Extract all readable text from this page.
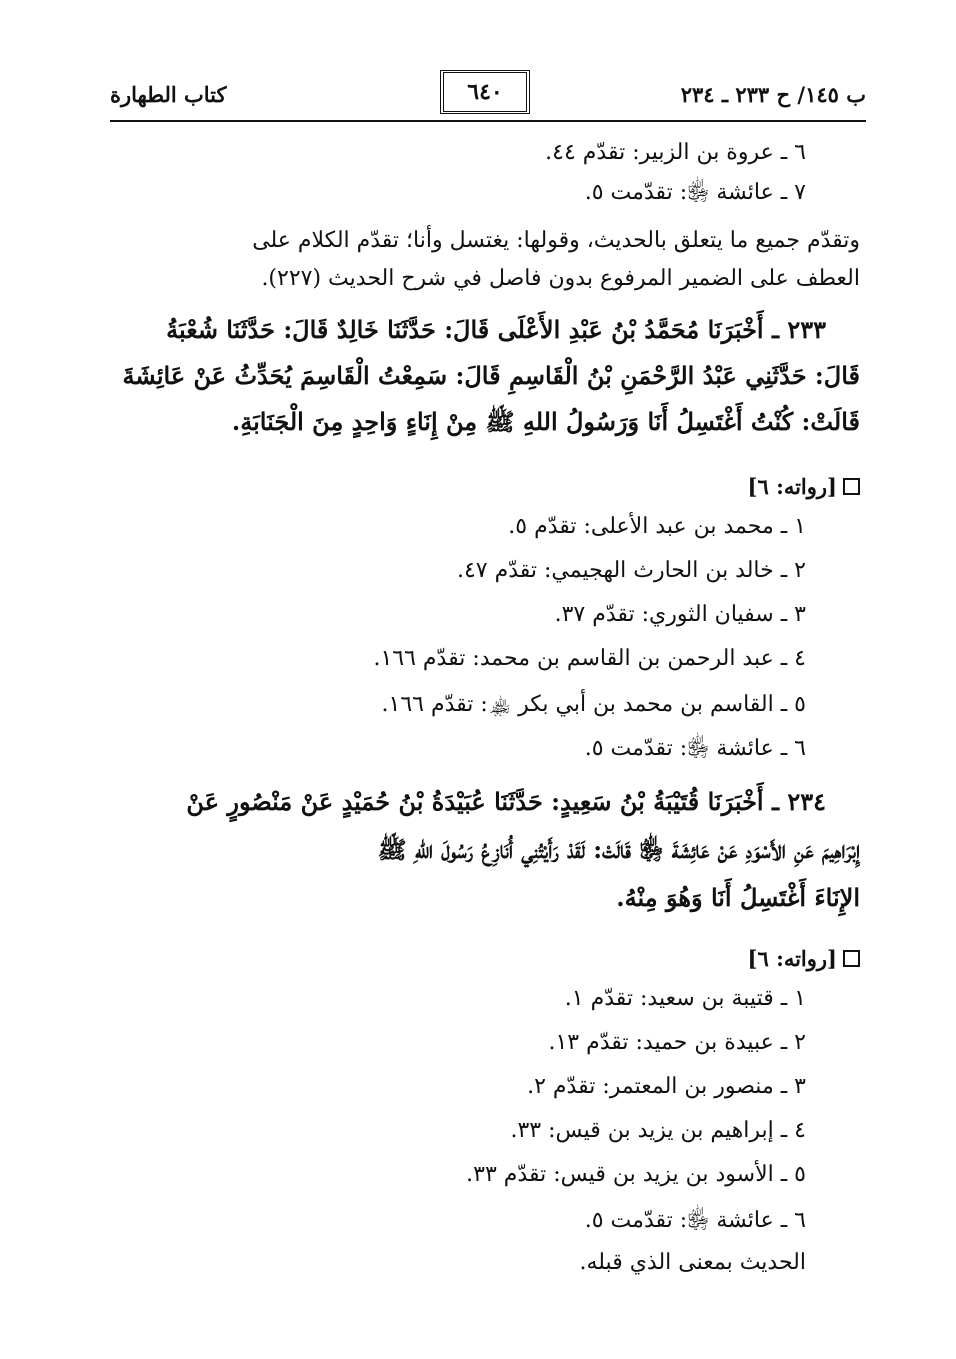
كتاب الطهارة	٦٤٠	ب ١٤٥/ ح ٢٣٣ ـ ٢٣٤
٦ ـ عروة بن الزبير: تقدّم ٤٤.
٧ ـ عائشة ﵂: تقدّمت ٥.
وتقدّم جميع ما يتعلق بالحديث، وقولها: يغتسل وأنا؛ تقدّم الكلام على
العطف على الضمير المرفوع بدون فاصل في شرح الحديث (٢٢٧).
٢٣٣ ـ أَخْبَرَنَا مُحَمَّدُ بْنُ عَبْدِ الأَعْلَى قَالَ: حَدَّثَنَا خَالِدٌ قَالَ: حَدَّثَنَا شُعْبَةُ
قَالَ: حَدَّثَنِي عَبْدُ الرَّحْمَنِ بْنُ الْقَاسِمِ قَالَ: سَمِعْتُ الْقَاسِمَ يُحَدِّثُ عَنْ عَائِشَةَ
قَالَتْ: كُنْتُ أَغْتَسِلُ أَنَا وَرَسُولُ اللهِ ﷺ مِنْ إِنَاءٍ وَاحِدٍ مِنَ الْجَنَابَةِ.
[رواته: ٦]
١ ـ محمد بن عبد الأعلى: تقدّم ٥.
٢ ـ خالد بن الحارث الهجيمي: تقدّم ٤٧.
٣ ـ سفيان الثوري: تقدّم ٣٧.
٤ ـ عبد الرحمن بن القاسم بن محمد: تقدّم ١٦٦.
٥ ـ القاسم بن محمد بن أبي بكر ﵏: تقدّم ١٦٦.
٦ ـ عائشة ﵂: تقدّمت ٥.
٢٣٤ ـ أَخْبَرَنَا قُتَيْبَةُ بْنُ سَعِيدٍ: حَدَّثَنَا عُبَيْدَةُ بْنُ حُمَيْدٍ عَنْ مَنْصُورٍ عَنْ
إِبْرَاهِيمَ عَنِ الأَسْوَدِ عَنْ عَائِشَةَ ﵂ قَالَتْ: لَقَدْ رَأَيْتُنِي أُنَازِعُ رَسُولَ اللهِ ﷺ
الإِنَاءَ أَغْتَسِلُ أَنَا وَهُوَ مِنْهُ.
[رواته: ٦]
١ ـ قتيبة بن سعيد: تقدّم ١.
٢ ـ عبيدة بن حميد: تقدّم ١٣.
٣ ـ منصور بن المعتمر: تقدّم ٢.
٤ ـ إبراهيم بن يزيد بن قيس: ٣٣.
٥ ـ الأسود بن يزيد بن قيس: تقدّم ٣٣.
٦ ـ عائشة ﵂: تقدّمت ٥.
الحديث بمعنى الذي قبله.
